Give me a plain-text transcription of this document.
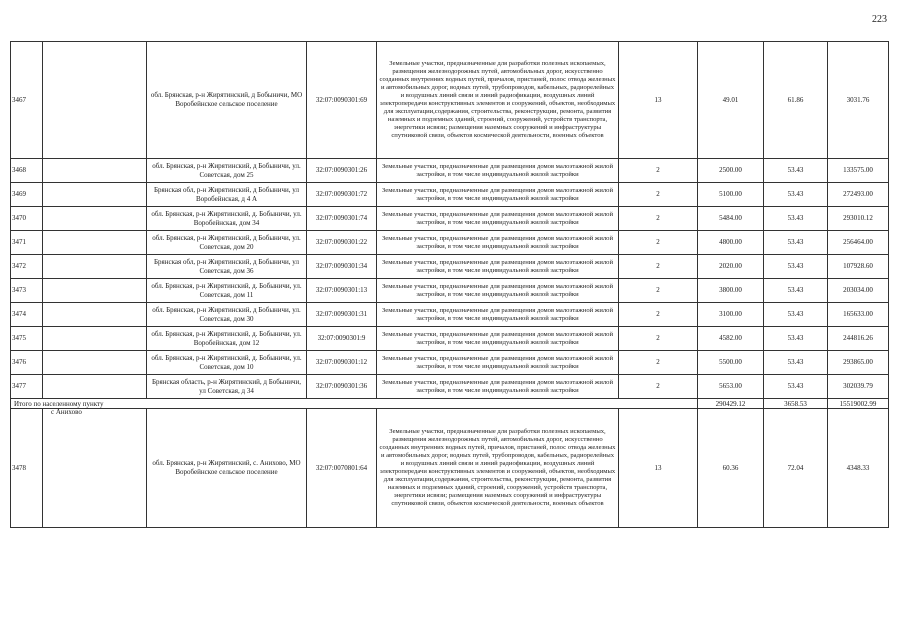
223
3467		обл. Брянская, р-н Жирятинский, д Бобыничи, МО Воробейнское сельское поселение	32:07:0090301:69	Земельные участки, предназначенные для разработки полезных ископаемых, размещения железнодорожных путей, автомобильных дорог, искусственно созданных внутренних водных путей, причалов, пристаней, полос отвода железных и автомобильных дорог, водных путей, трубопроводов, кабельных, радиорелейных и воздушных линий связи и линий радиофикации, воздушных линий электропередачи конструктивных элементов и сооружений, объектов, необходимых для эксплуатации,содержания, строительства, реконструкции, ремонта, развития наземных и подземных зданий, строений, сооружений, устройств транспорта, энергетики исвязи; размещения наземных сооружений и инфраструктуры спутниковой связи, объектов космической деятельности, военных объектов	13	49.01	61.86	3031.76
3468		обл. Брянская, р-н Жирятинский, д Бобыничи, ул. Советская, дом 25	32:07:0090301:26	Земельные участки, предназначенные для размещения домов малоэтажной жилой застройки, в том числе индивидуальной жилой застройки	2	2500.00	53.43	133575.00
3469		Брянская обл, р-н Жирятинский, д Бобыничи, ул Воробейнская, д 4 А	32:07:0090301:72	Земельные участки, предназначенные для размещения домов малоэтажной жилой застройки, в том числе индивидуальной жилой застройки	2	5100.00	53.43	272493.00
3470		обл. Брянская, р-н Жирятинский, д. Бобыничи, ул. Воробейнская, дом 34	32:07:0090301:74	Земельные участки, предназначенные для размещения домов малоэтажной жилой застройки, в том числе индивидуальной жилой застройки	2	5484.00	53.43	293010.12
3471		обл. Брянская, р-н Жирятинский, д Бобыничи, ул. Советская, дом 20	32:07:0090301:22	Земельные участки, предназначенные для размещения домов малоэтажной жилой застройки, в том числе индивидуальной жилой застройки	2	4800.00	53.43	256464.00
3472		Брянская обл, р-н Жирятинский, д Бобыничи, ул Советская, дом 36	32:07:0090301:34	Земельные участки, предназначенные для размещения домов малоэтажной жилой застройки, в том числе индивидуальной жилой застройки	2	2020.00	53.43	107928.60
3473		обл. Брянская, р-н Жирятинский, д. Бобыничи, ул. Советская, дом 11	32:07:0090301:13	Земельные участки, предназначенные для размещения домов малоэтажной жилой застройки, в том числе индивидуальной жилой застройки	2	3800.00	53.43	203034.00
3474		обл. Брянская, р-н Жирятинский, д Бобыничи, ул. Советская, дом 30	32:07:0090301:31	Земельные участки, предназначенные для размещения домов малоэтажной жилой застройки, в том числе индивидуальной жилой застройки	2	3100.00	53.43	165633.00
3475		обл. Брянская, р-н Жирятинский, д. Бобыничи, ул. Воробейнская, дом 12	32:07:0090301:9	Земельные участки, предназначенные для размещения домов малоэтажной жилой застройки, в том числе индивидуальной жилой застройки	2	4582.00	53.43	244816.26
3476		обл. Брянская, р-н Жирятинский, д. Бобыничи, ул. Советская, дом 10	32:07:0090301:12	Земельные участки, предназначенные для размещения домов малоэтажной жилой застройки, в том числе индивидуальной жилой застройки	2	5500.00	53.43	293865.00
3477		Брянская область, р-н Жирятинский, д Бобыничи, ул Советская, д 34	32:07:0090301:36	Земельные участки, предназначенные для размещения домов малоэтажной жилой застройки, в том числе индивидуальной жилой застройки	2	5653.00	53.43	302039.79
Итого по населенному пункту						290429.12	3658.53	15519002.99
3478	с Анихово	обл. Брянская, р-н Жирятинский, с. Анихово, МО Воробейнское сельское поселение	32:07:0070801:64	Земельные участки, предназначенные для разработки полезных ископаемых, размещения железнодорожных путей, автомобильных дорог, искусственно созданных внутренних водных путей, причалов, пристаней, полос отвода железных и автомобильных дорог, водных путей, трубопроводов, кабельных, радиорелейных и воздушных линий связи и линий радиофикации, воздушных линий электропередачи конструктивных элементов и сооружений, объектов, необходимых для эксплуатации,содержания, строительства, реконструкции, ремонта, развития наземных и подземных зданий, строений, сооружений, устройств транспорта, энергетики исвязи; размещения наземных сооружений и инфраструктуры спутниковой связи, объектов космической деятельности, военных объектов	13	60.36	72.04	4348.33
